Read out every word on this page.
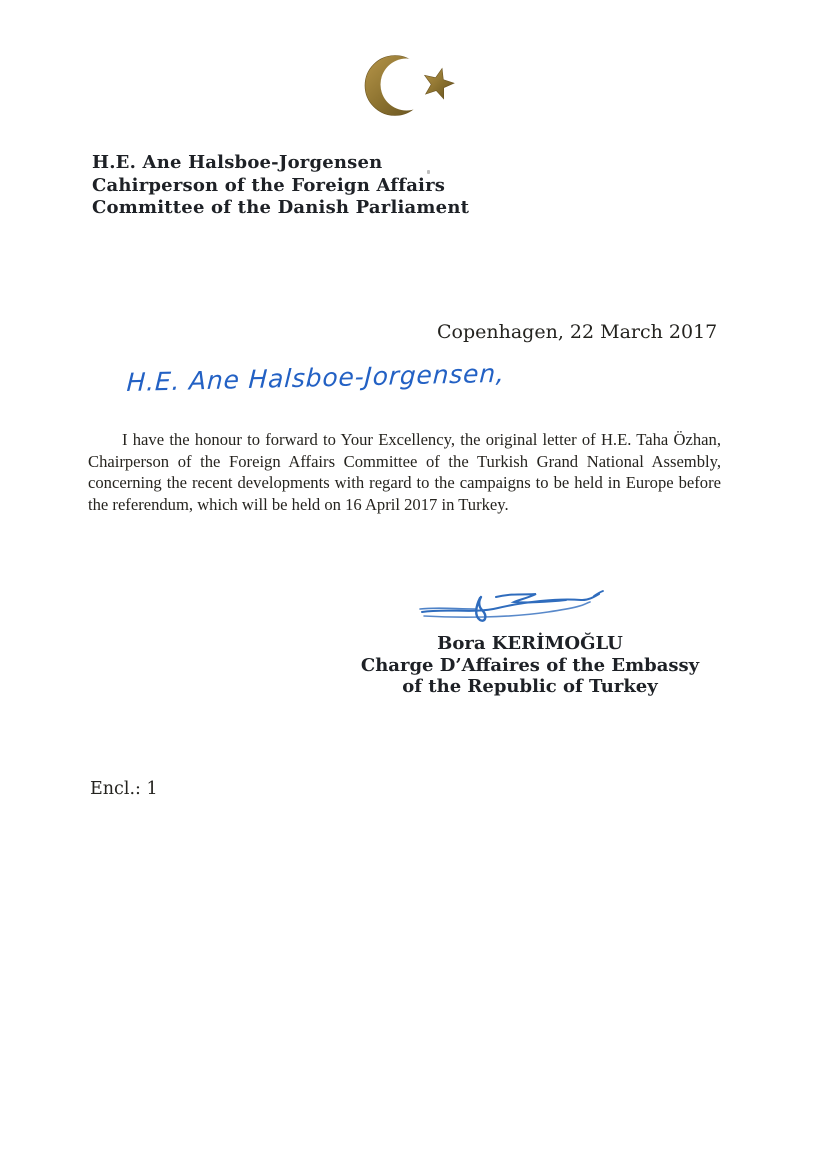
H.E. Ane Halsboe-Jorgensen
Cahirperson of the Foreign Affairs
Committee of the Danish Parliament
Copenhagen, 22 March 2017
H.E. Ane Halsboe-Jorgensen,

I have the honour to forward to Your Excellency, the original letter of H.E. Taha Özhan, Chairperson of the Foreign Affairs Committee of the Turkish Grand National Assembly, concerning the recent developments with regard to the campaigns to be held in Europe before the referendum, which will be held on 16 April 2017 in Turkey.

Bora KERİMOĞLU
Charge D’Affaires of the Embassy
of the Republic of Turkey
Encl.: 1
